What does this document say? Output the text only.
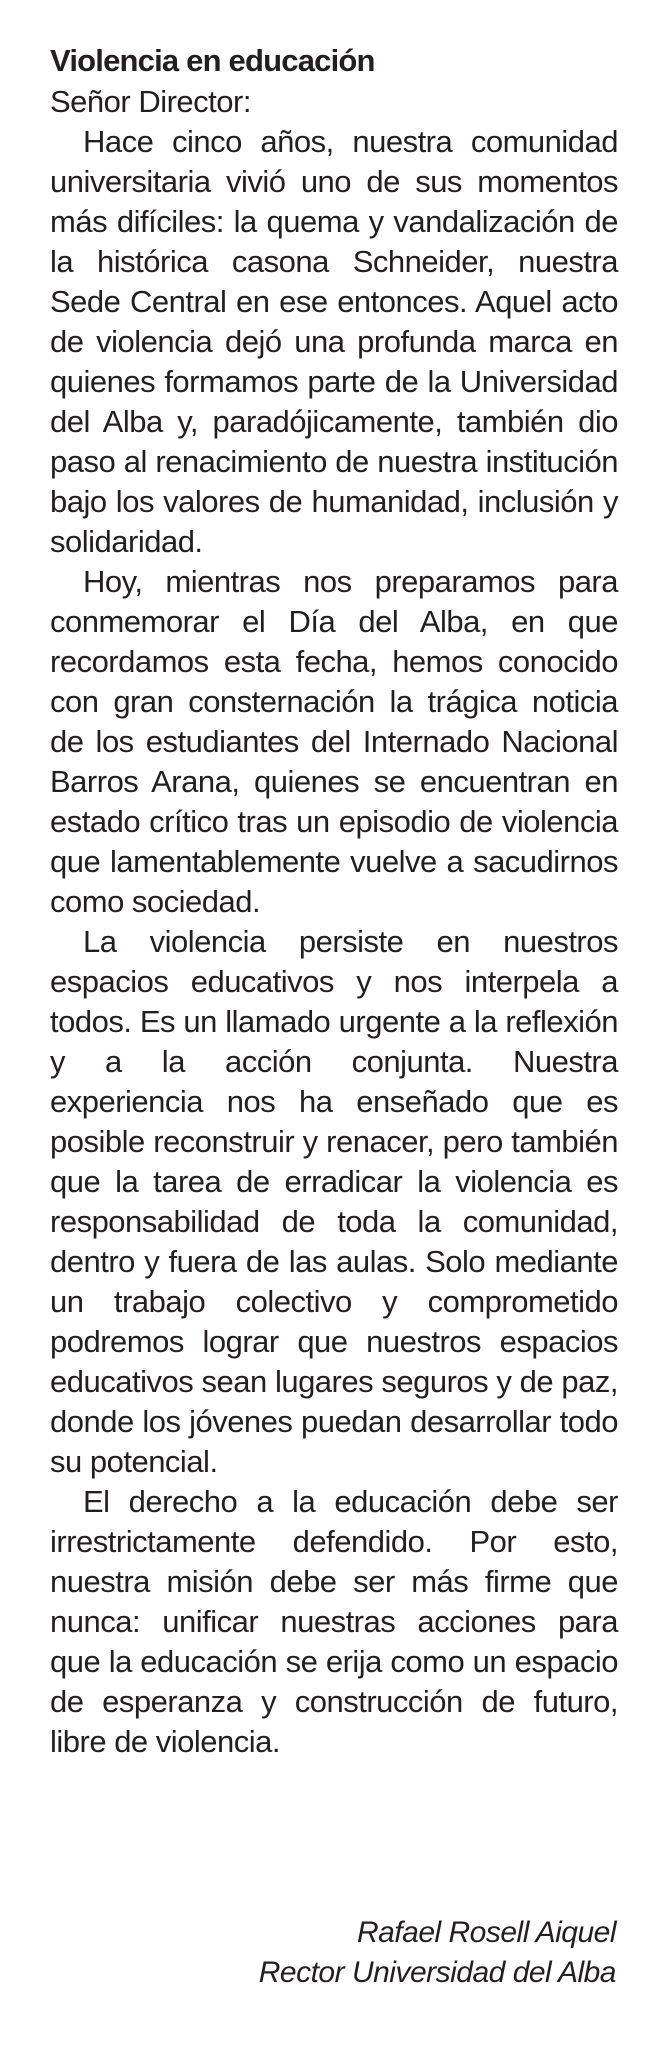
Violencia en educación

Señor Director:

Hace cinco años, nuestra comunidad universitaria vivió uno de sus momentos más difíciles: la quema y vandalización de la histórica casona Schneider, nuestra Sede Central en ese entonces. Aquel acto de violencia dejó una profunda marca en quienes formamos parte de la Universidad del Alba y, paradójicamente, también dio paso al renacimiento de nuestra institución bajo los valores de humanidad, inclusión y solidaridad.

Hoy, mientras nos preparamos para conmemorar el Día del Alba, en que recordamos esta fecha, hemos conocido con gran consternación la trágica noticia de los estudiantes del Internado Nacional Barros Arana, quienes se encuentran en estado crítico tras un episodio de violencia que lamentablemente vuelve a sacudirnos como sociedad.

La violencia persiste en nuestros espacios educativos y nos interpela a todos. Es un llamado urgente a la reflexión y a la acción conjunta. Nuestra experiencia nos ha enseñado que es posible reconstruir y renacer, pero también que la tarea de erradicar la violencia es responsabilidad de toda la comunidad, dentro y fuera de las aulas. Solo mediante un trabajo colectivo y comprometido podremos lograr que nuestros espacios educativos sean lugares seguros y de paz, donde los jóvenes puedan desarrollar todo su potencial.

El derecho a la educación debe ser irrestrictamente defendido. Por esto, nuestra misión debe ser más firme que nunca: unificar nuestras acciones para que la educación se erija como un espacio de esperanza y construcción de futuro, libre de violencia.

Rafael Rosell Aiquel
Rector Universidad del Alba
